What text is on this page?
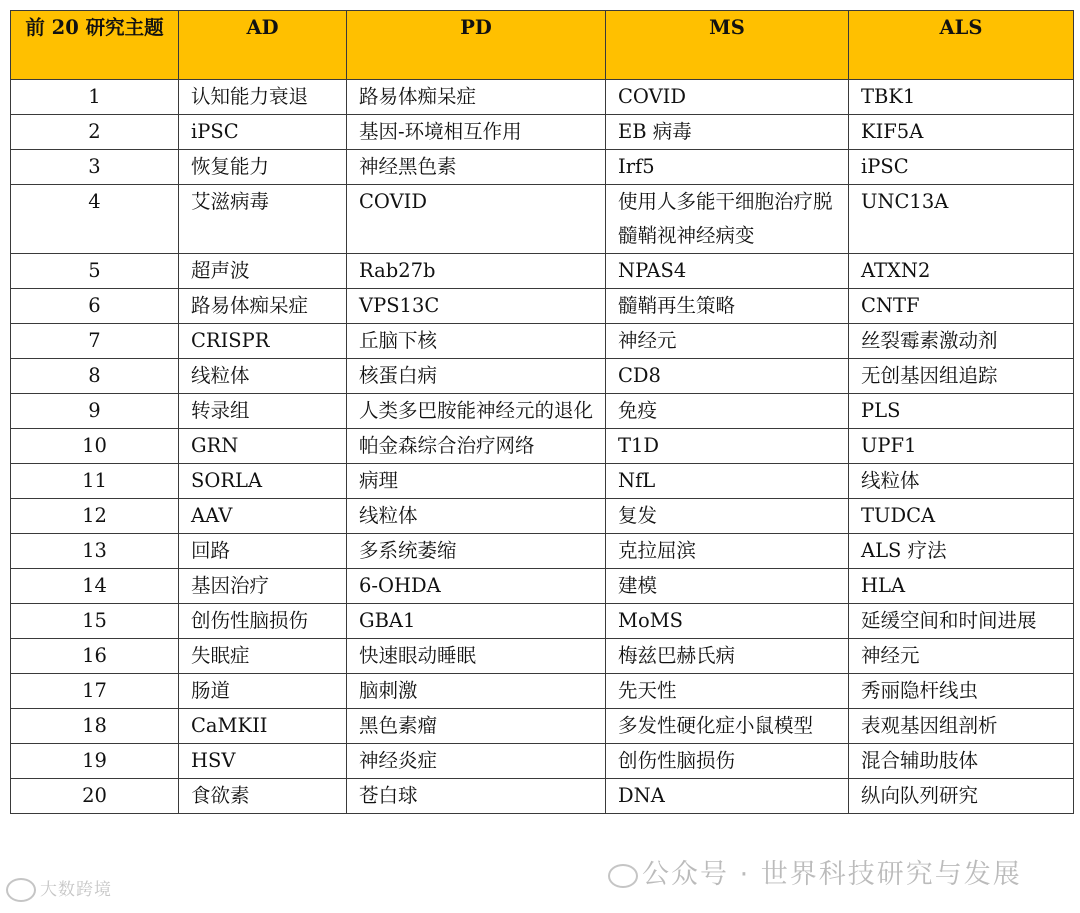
前 20 研究主题	AD	PD	MS	ALS
1	认知能力衰退	路易体痴呆症	COVID	TBK1
2	iPSC	基因-环境相互作用	EB 病毒	KIF5A
3	恢复能力	神经黑色素	Irf5	iPSC
4	艾滋病毒	COVID	使用人多能干细胞治疗脱髓鞘视神经病变	UNC13A
5	超声波	Rab27b	NPAS4	ATXN2
6	路易体痴呆症	VPS13C	髓鞘再生策略	CNTF
7	CRISPR	丘脑下核	神经元	丝裂霉素激动剂
8	线粒体	核蛋白病	CD8	无创基因组追踪
9	转录组	人类多巴胺能神经元的退化	免疫	PLS
10	GRN	帕金森综合治疗网络	T1D	UPF1
11	SORLA	病理	NfL	线粒体
12	AAV	线粒体	复发	TUDCA
13	回路	多系统萎缩	克拉屈滨	ALS 疗法
14	基因治疗	6-OHDA	建模	HLA
15	创伤性脑损伤	GBA1	MoMS	延缓空间和时间进展
16	失眠症	快速眼动睡眠	梅兹巴赫氏病	神经元
17	肠道	脑刺激	先天性	秀丽隐杆线虫
18	CaMKII	黑色素瘤	多发性硬化症小鼠模型	表观基因组剖析
19	HSV	神经炎症	创伤性脑损伤	混合辅助肢体
20	食欲素	苍白球	DNA	纵向队列研究
大数跨境	公众号 · 世界科技研究与发展
